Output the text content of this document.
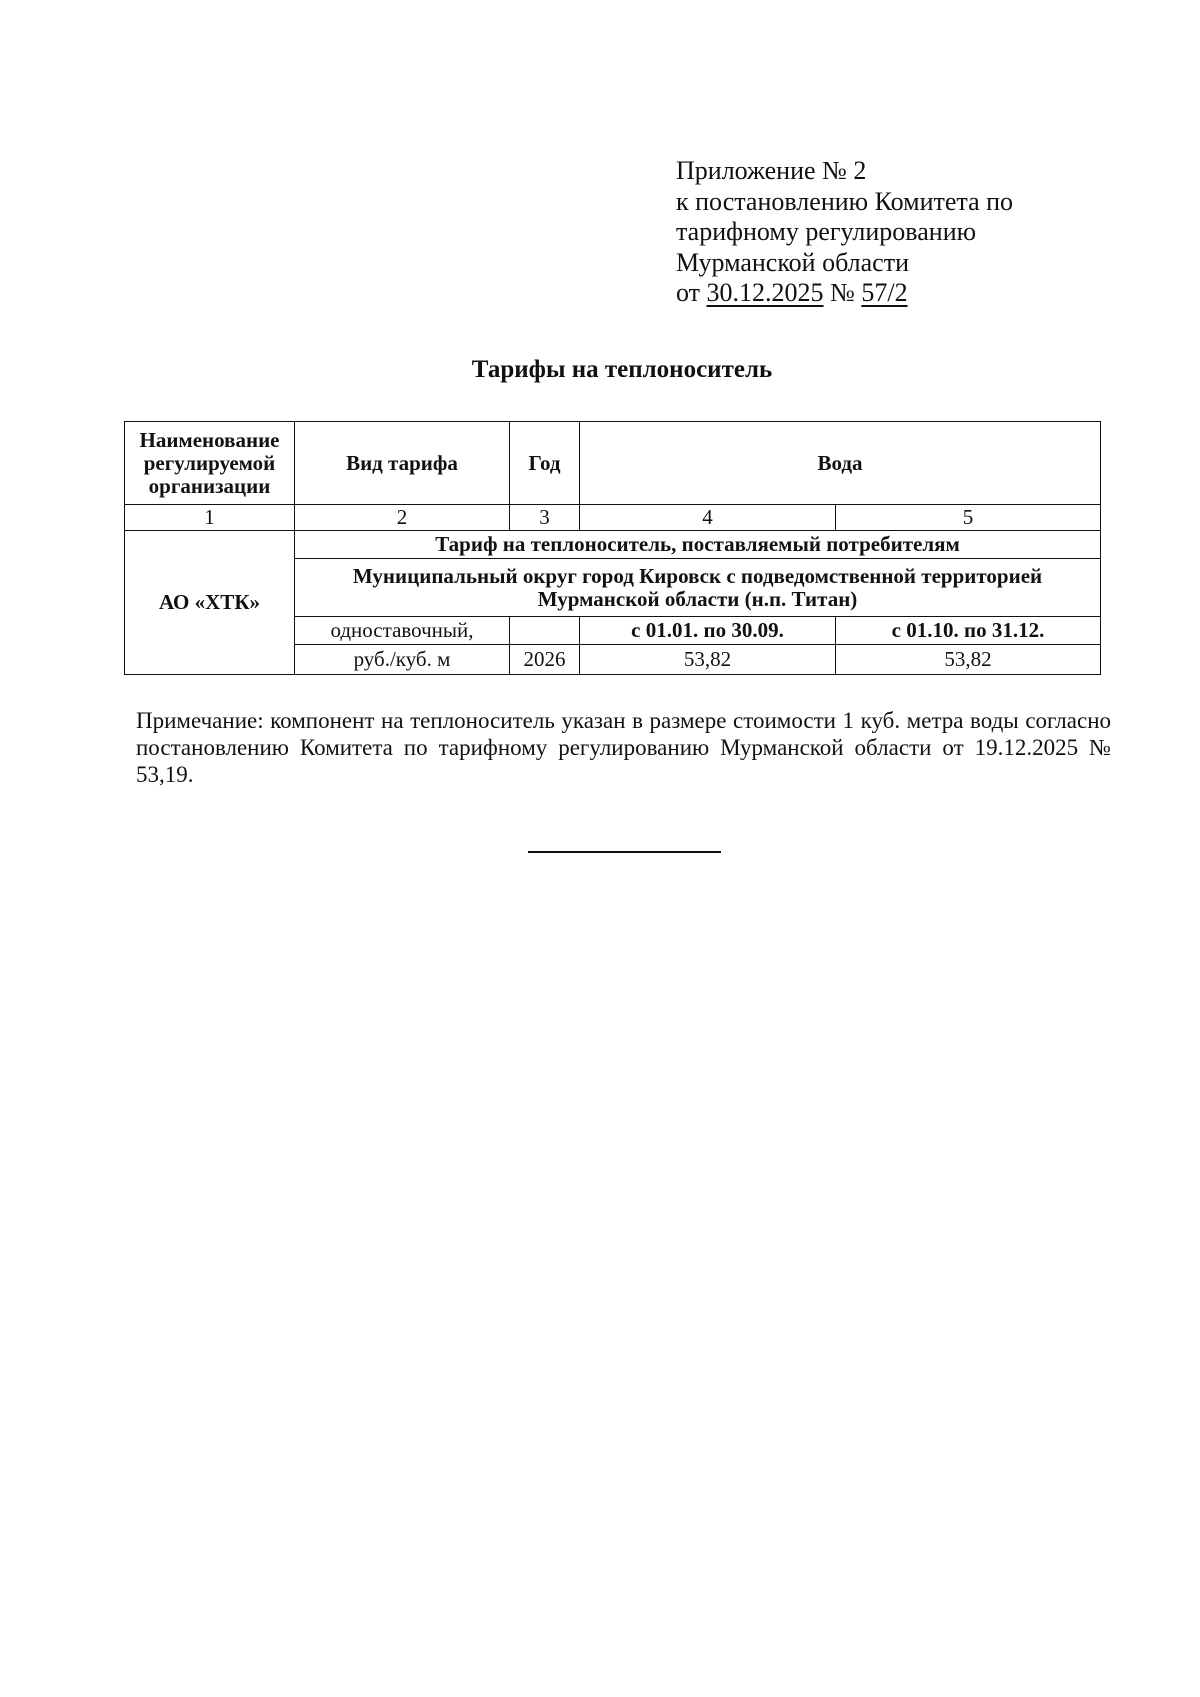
Приложение № 2
к постановлению Комитета по
тарифному регулированию
Мурманской области
от 30.12.2025 № 57/2
Тарифы на теплоноситель
Наименование регулируемой организации	Вид тарифа	Год	Вода	
1	2	3	4	5
АО «ХТК»	Тариф на теплоноситель, поставляемый потребителям			
	Муниципальный округ город Кировск с подведомственной территорией Мурманской области (н.п. Титан)			
	одноставочный,		с 01.01. по 30.09.	с 01.10. по 31.12.
	руб./куб. м	2026	53,82	53,82
Примечание: компонент на теплоноситель указан в размере стоимости 1 куб. метра воды согласно постановлению Комитета по тарифному регулированию Мурманской области от 19.12.2025 № 53,19.
